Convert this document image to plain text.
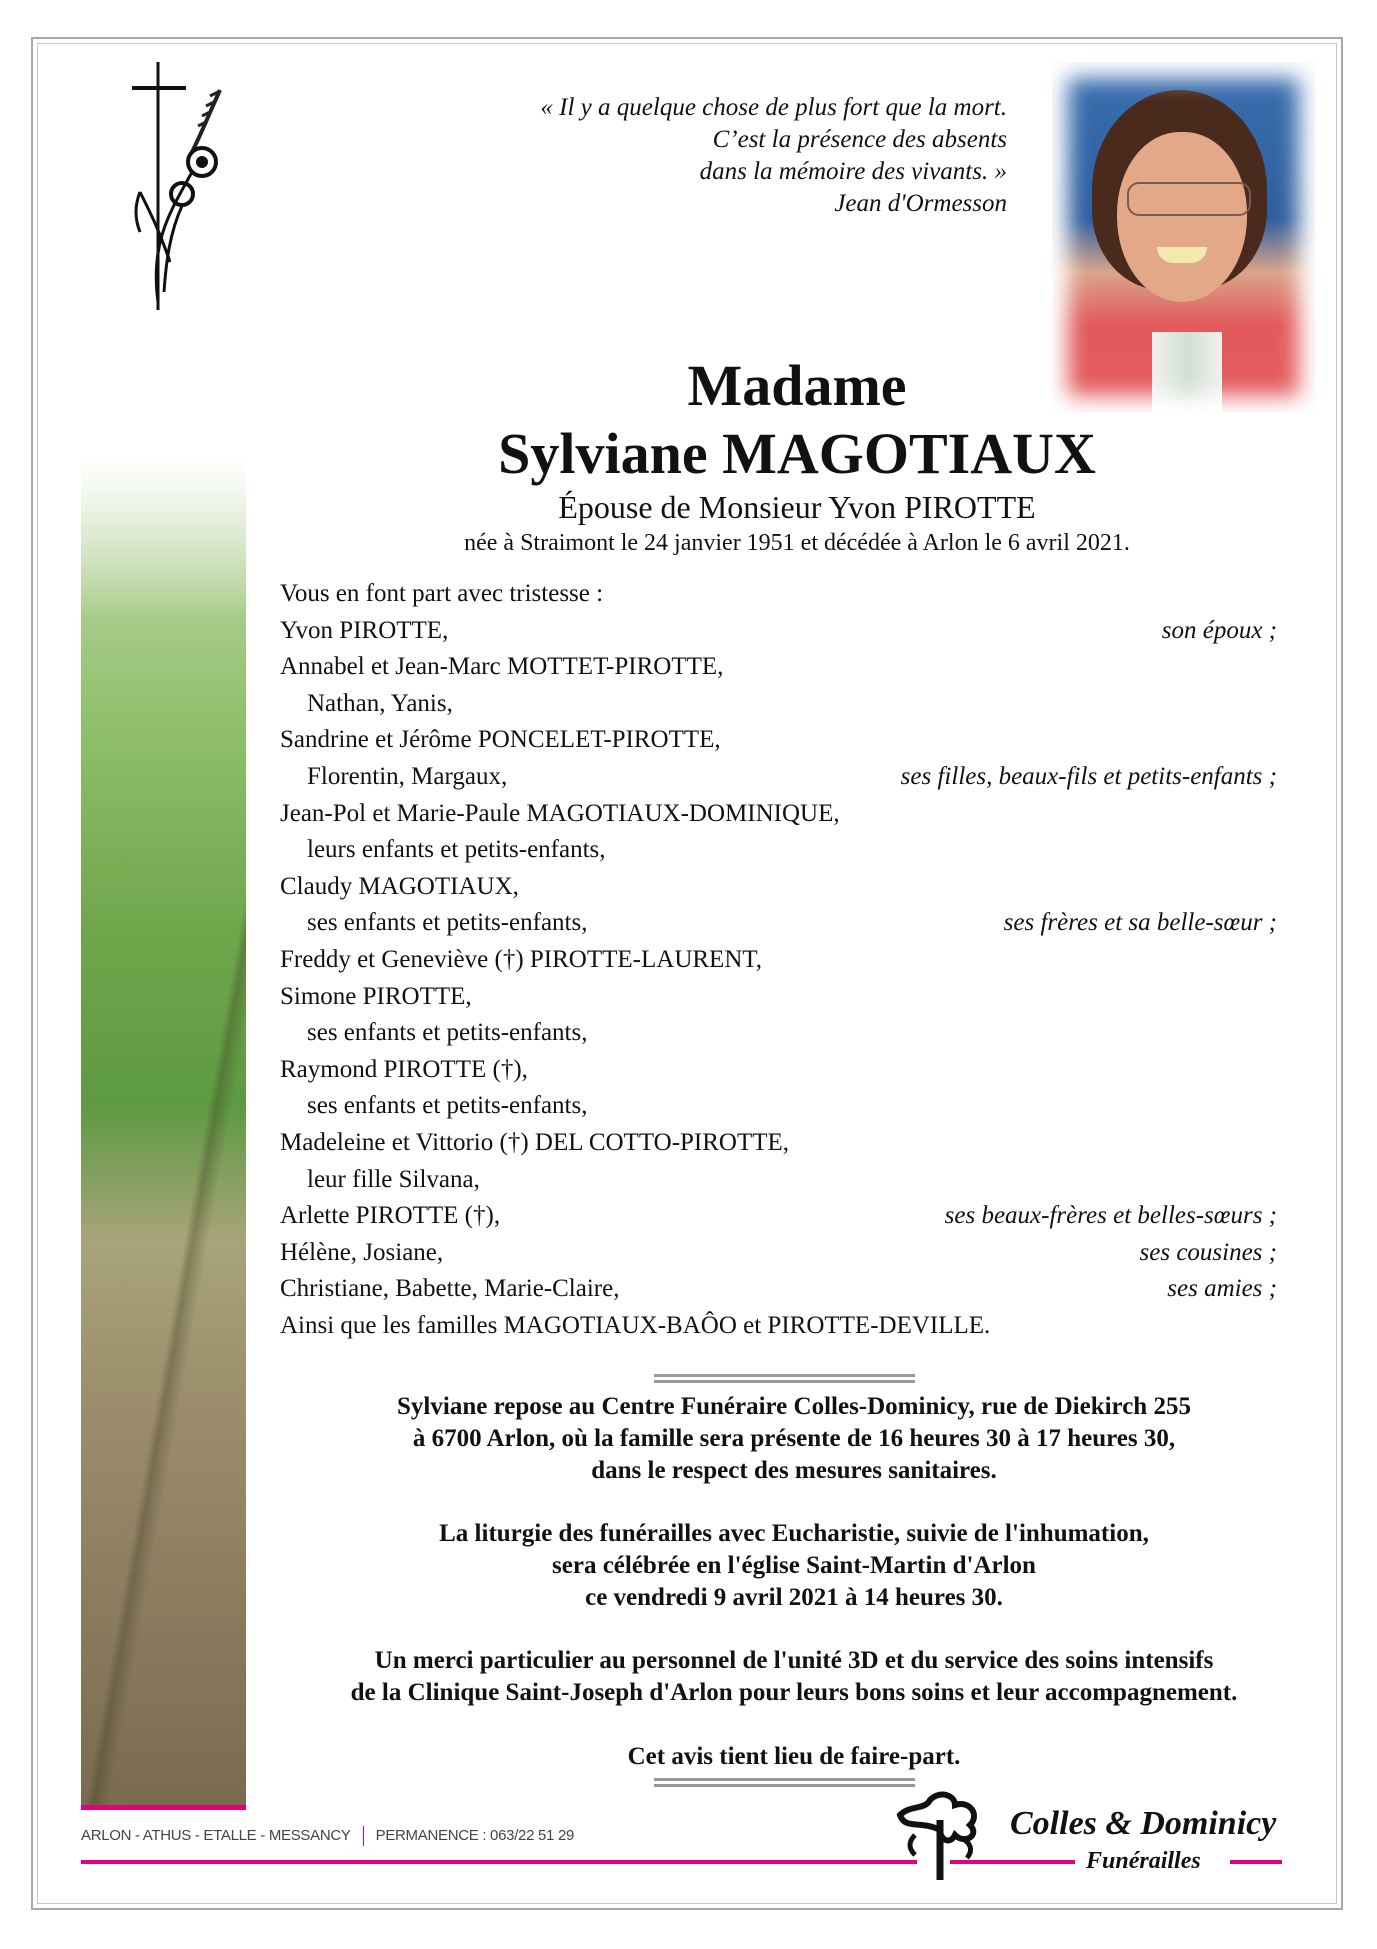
« Il y a quelque chose de plus fort que la mort.
C’est la présence des absents
dans la mémoire des vivants. »
Jean d'Ormesson
Madame
Sylviane MAGOTIAUX
Épouse de Monsieur Yvon PIROTTE
née à Straimont le 24 janvier 1951 et décédée à Arlon le 6 avril 2021.
Vous en font part avec tristesse :
Yvon PIROTTE,	son époux ;
Annabel et Jean-Marc MOTTET-PIROTTE,
Nathan, Yanis,
Sandrine et Jérôme PONCELET-PIROTTE,
Florentin, Margaux,	ses filles, beaux-fils et petits-enfants ;
Jean-Pol et Marie-Paule MAGOTIAUX-DOMINIQUE,
leurs enfants et petits-enfants,
Claudy MAGOTIAUX,
ses enfants et petits-enfants,	ses frères et sa belle-sœur ;
Freddy et Geneviève (†) PIROTTE-LAURENT,
Simone PIROTTE,
ses enfants et petits-enfants,
Raymond PIROTTE (†),
ses enfants et petits-enfants,
Madeleine et Vittorio (†) DEL COTTO-PIROTTE,
leur fille Silvana,
Arlette PIROTTE (†),	ses beaux-frères et belles-sœurs ;
Hélène, Josiane,	ses cousines ;
Christiane, Babette, Marie-Claire,	ses amies ;
Ainsi que les familles MAGOTIAUX-BAÔO et PIROTTE-DEVILLE.
Sylviane repose au Centre Funéraire Colles-Dominicy, rue de Diekirch 255
à 6700 Arlon, où la famille sera présente de 16 heures 30 à 17 heures 30,
dans le respect des mesures sanitaires.
La liturgie des funérailles avec Eucharistie, suivie de l'inhumation,
sera célébrée en l'église Saint-Martin d'Arlon
ce vendredi 9 avril 2021 à 14 heures 30.
Un merci particulier au personnel de l'unité 3D et du service des soins intensifs
de la Clinique Saint-Joseph d'Arlon pour leurs bons soins et leur accompagnement.
Cet avis tient lieu de faire-part.
ARLON - ATHUS - ETALLE - MESSANCY PERMANENCE : 063/22 51 29	Colles & Dominicy
Funérailles
